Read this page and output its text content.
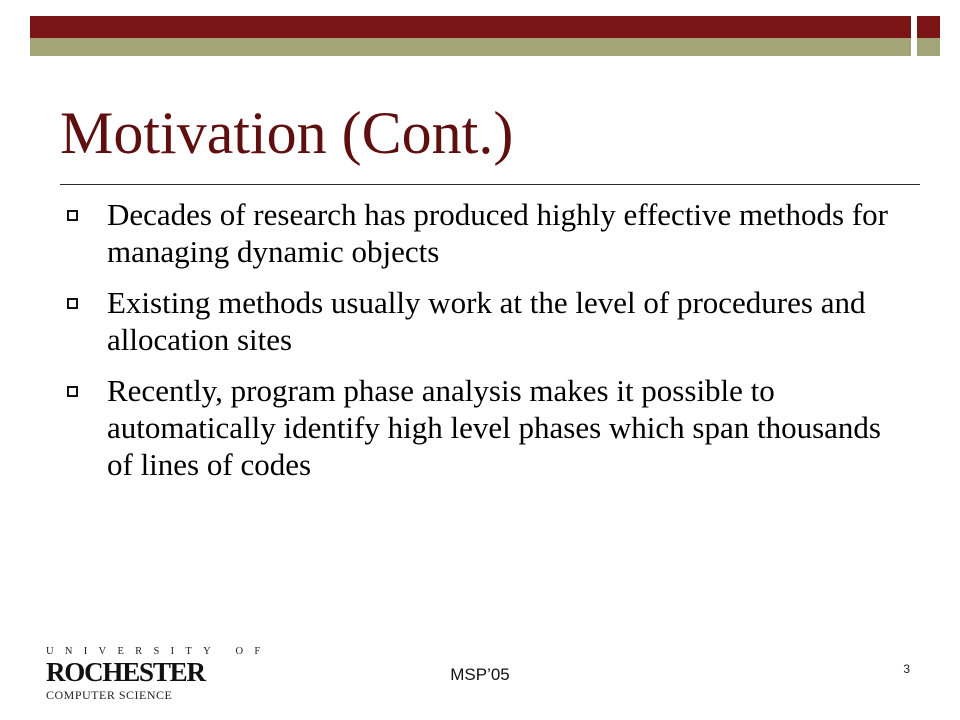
Motivation (Cont.)
Decades of research has produced highly effective methods for managing dynamic objects
Existing methods usually work at the level of procedures and allocation sites
Recently, program phase analysis makes it possible to automatically identify high level phases which span thousands of lines of codes
UNIVERSITY OF
ROCHESTER
COMPUTER SCIENCE
MSP’05	3
